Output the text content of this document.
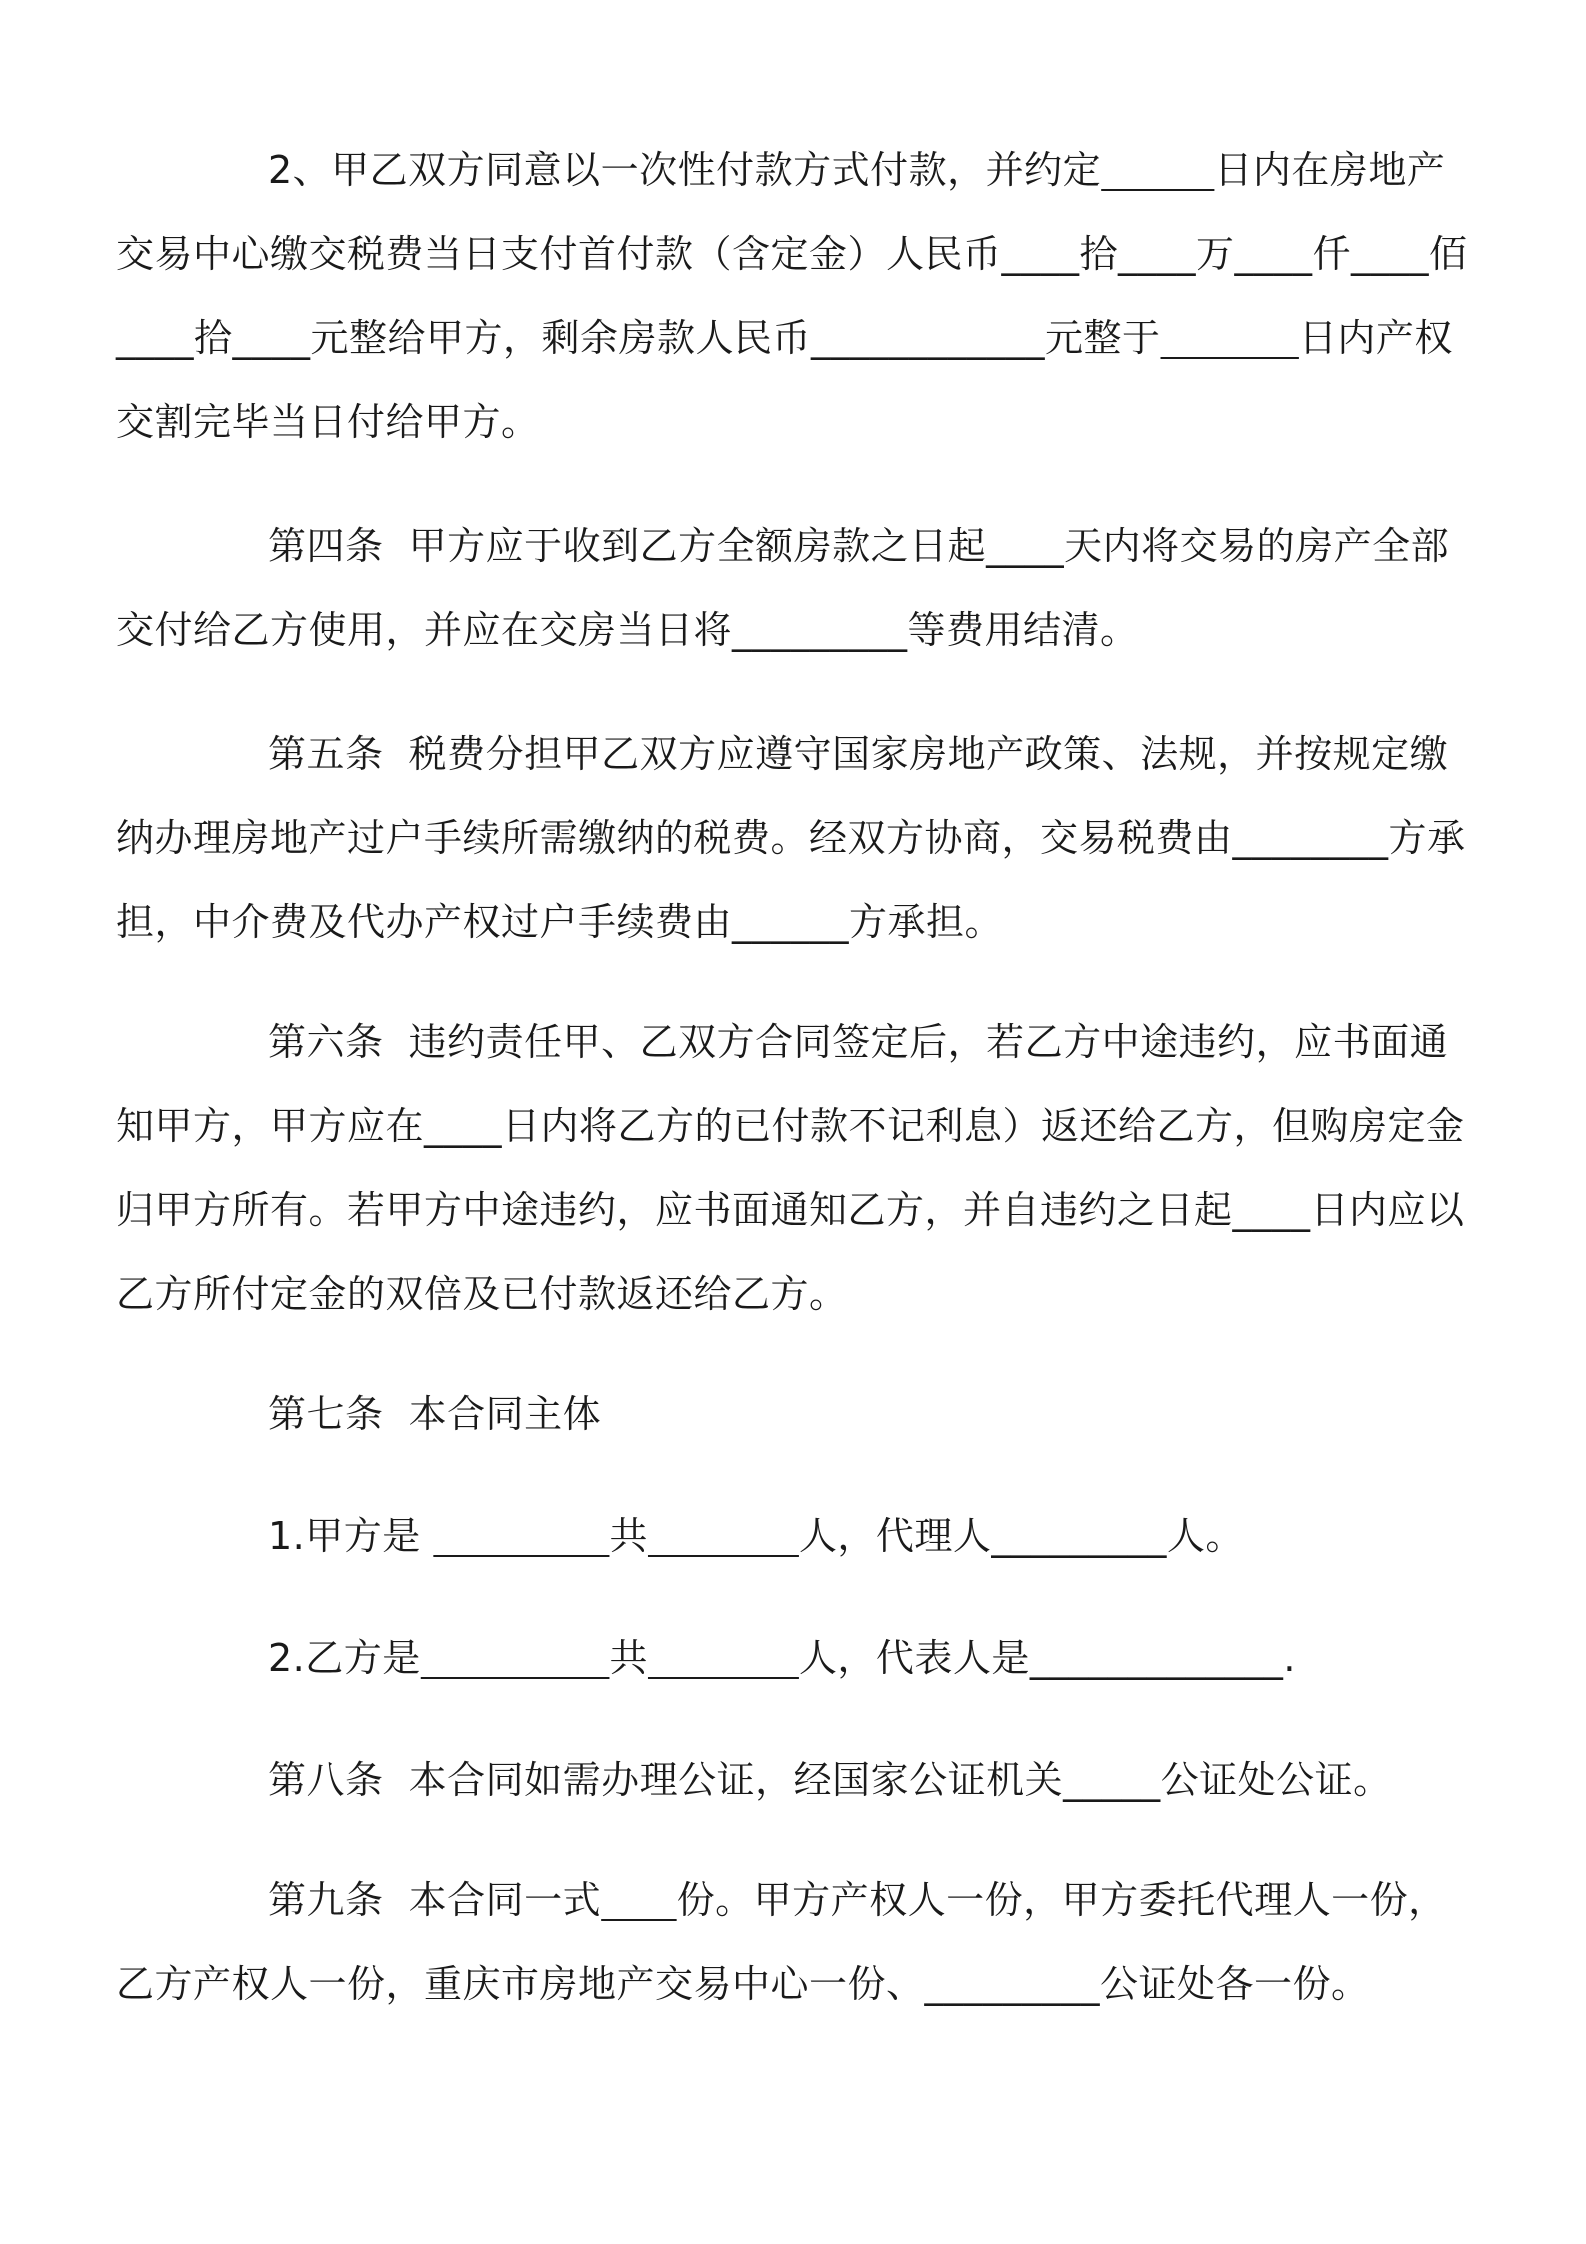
2、甲乙双方同意以一次性付款方式付款，并约定	日内在房地产交易中心缴交税费当日支付首付款（含定金）人民币____拾____万____仟____佰____拾____元整给甲方，剩余房款人民币____________元整于	日内产权交割完毕当日付给甲方。
第四条  甲方应于收到乙方全额房款之日起____天内将交易的房产全部交付给乙方使用，并应在交房当日将_________等费用结清。
第五条  税费分担甲乙双方应遵守国家房地产政策、法规，并按规定缴纳办理房地产过户手续所需缴纳的税费。经双方协商，交易税费由________方承担，中介费及代办产权过户手续费由______方承担。
第六条  违约责任甲、乙双方合同签定后，若乙方中途违约，应书面通知甲方，甲方应在____日内将乙方的已付款不记利息）返还给乙方，但购房定金归甲方所有。若甲方中途违约，应书面通知乙方，并自违约之日起____日内应以乙方所付定金的双倍及已付款返还给乙方。
第七条  本合同主体
1.甲方是	共	人，代理人_________人。
2.乙方是	共	人，代表人是_____________.
第八条  本合同如需办理公证，经国家公证机关_____公证处公证。
第九条  本合同一式 份。甲方产权人一份，甲方委托代理人一份，乙方产权人一份，重庆市房地产交易中心一份、_________公证处各一份。
